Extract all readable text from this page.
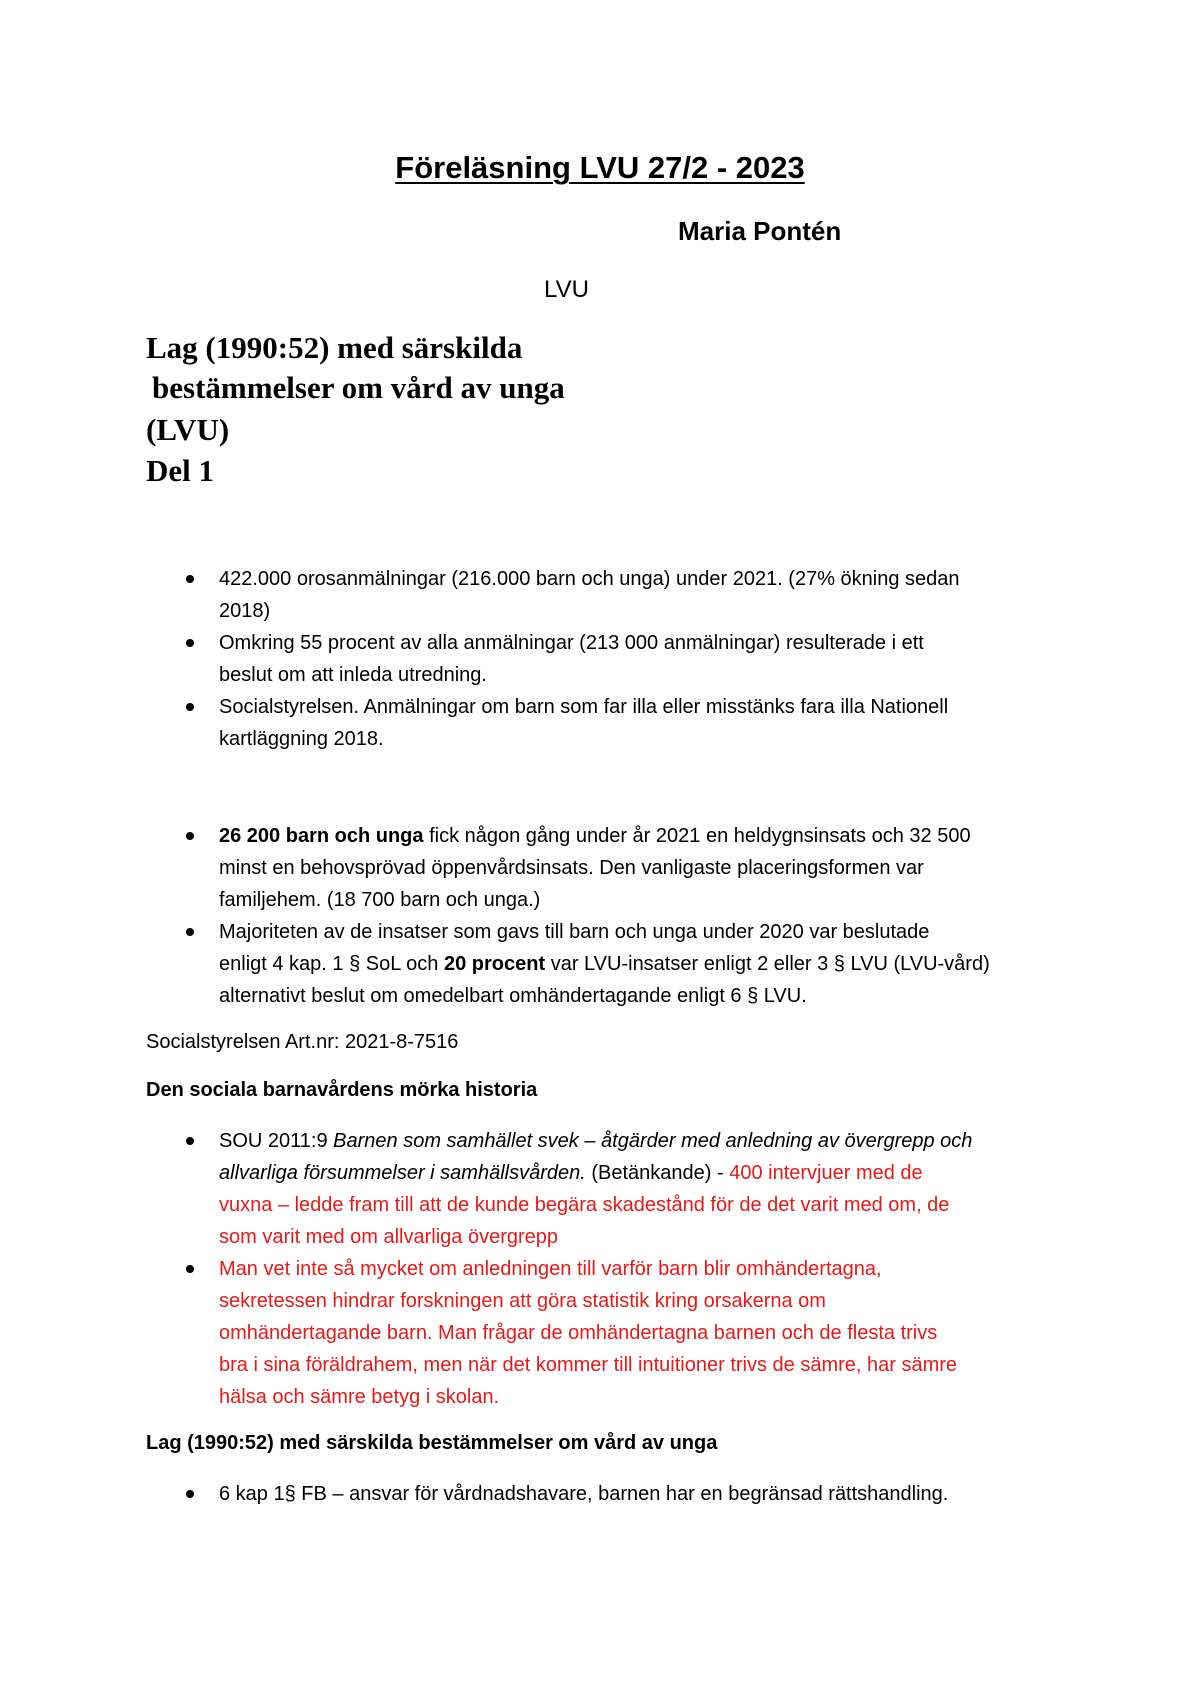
Föreläsning LVU 27/2 - 2023
Maria Pontén
LVU
Lag (1990:52) med särskilda
bestämmelser om vård av unga
(LVU)
Del 1
422.000 orosanmälningar (216.000 barn och unga) under 2021. (27% ökning sedan
2018)
Omkring 55 procent av alla anmälningar (213 000 anmälningar) resulterade i ett
beslut om att inleda utredning.
Socialstyrelsen. Anmälningar om barn som far illa eller misstänks fara illa Nationell
kartläggning 2018.
26 200 barn och unga fick någon gång under år 2021 en heldygnsinsats och 32 500
minst en behovsprövad öppenvårdsinsats. Den vanligaste placeringsformen var
familjehem. (18 700 barn och unga.)
Majoriteten av de insatser som gavs till barn och unga under 2020 var beslutade
enligt 4 kap. 1 § SoL och 20 procent var LVU-insatser enligt 2 eller 3 § LVU (LVU-vård)
alternativt beslut om omedelbart omhändertagande enligt 6 § LVU.
Socialstyrelsen Art.nr: 2021-8-7516
Den sociala barnavårdens mörka historia
SOU 2011:9 Barnen som samhället svek – åtgärder med anledning av övergrepp och
allvarliga försummelser i samhällsvården. (Betänkande) - 400 intervjuer med de
vuxna – ledde fram till att de kunde begära skadestånd för de det varit med om, de
som varit med om allvarliga övergrepp
Man vet inte så mycket om anledningen till varför barn blir omhändertagna,
sekretessen hindrar forskningen att göra statistik kring orsakerna om
omhändertagande barn. Man frågar de omhändertagna barnen och de flesta trivs
bra i sina föräldrahem, men när det kommer till intuitioner trivs de sämre, har sämre
hälsa och sämre betyg i skolan.
Lag (1990:52) med särskilda bestämmelser om vård av unga
6 kap 1§ FB – ansvar för vårdnadshavare, barnen har en begränsad rättshandling.
